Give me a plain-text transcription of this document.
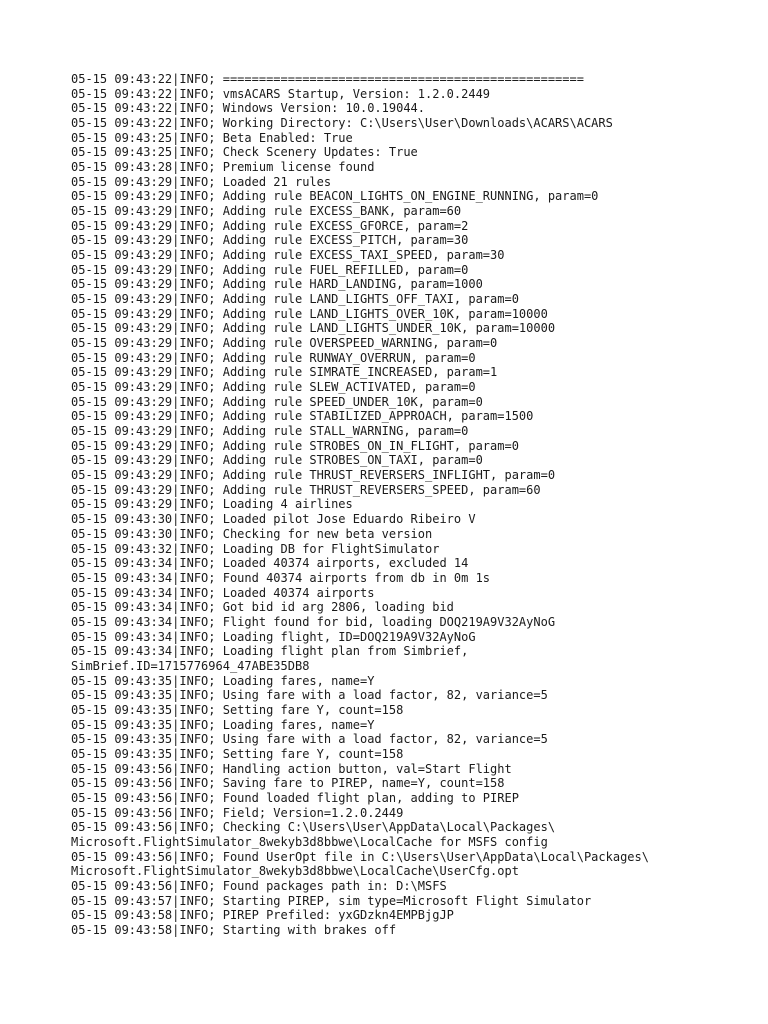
05-15 09:43:22|INFO; ==================================================
05-15 09:43:22|INFO; vmsACARS Startup, Version: 1.2.0.2449
05-15 09:43:22|INFO; Windows Version: 10.0.19044.
05-15 09:43:22|INFO; Working Directory: C:\Users\User\Downloads\ACARS\ACARS
05-15 09:43:25|INFO; Beta Enabled: True
05-15 09:43:25|INFO; Check Scenery Updates: True
05-15 09:43:28|INFO; Premium license found
05-15 09:43:29|INFO; Loaded 21 rules
05-15 09:43:29|INFO; Adding rule BEACON_LIGHTS_ON_ENGINE_RUNNING, param=0
05-15 09:43:29|INFO; Adding rule EXCESS_BANK, param=60
05-15 09:43:29|INFO; Adding rule EXCESS_GFORCE, param=2
05-15 09:43:29|INFO; Adding rule EXCESS_PITCH, param=30
05-15 09:43:29|INFO; Adding rule EXCESS_TAXI_SPEED, param=30
05-15 09:43:29|INFO; Adding rule FUEL_REFILLED, param=0
05-15 09:43:29|INFO; Adding rule HARD_LANDING, param=1000
05-15 09:43:29|INFO; Adding rule LAND_LIGHTS_OFF_TAXI, param=0
05-15 09:43:29|INFO; Adding rule LAND_LIGHTS_OVER_10K, param=10000
05-15 09:43:29|INFO; Adding rule LAND_LIGHTS_UNDER_10K, param=10000
05-15 09:43:29|INFO; Adding rule OVERSPEED_WARNING, param=0
05-15 09:43:29|INFO; Adding rule RUNWAY_OVERRUN, param=0
05-15 09:43:29|INFO; Adding rule SIMRATE_INCREASED, param=1
05-15 09:43:29|INFO; Adding rule SLEW_ACTIVATED, param=0
05-15 09:43:29|INFO; Adding rule SPEED_UNDER_10K, param=0
05-15 09:43:29|INFO; Adding rule STABILIZED_APPROACH, param=1500
05-15 09:43:29|INFO; Adding rule STALL_WARNING, param=0
05-15 09:43:29|INFO; Adding rule STROBES_ON_IN_FLIGHT, param=0
05-15 09:43:29|INFO; Adding rule STROBES_ON_TAXI, param=0
05-15 09:43:29|INFO; Adding rule THRUST_REVERSERS_INFLIGHT, param=0
05-15 09:43:29|INFO; Adding rule THRUST_REVERSERS_SPEED, param=60
05-15 09:43:29|INFO; Loading 4 airlines
05-15 09:43:30|INFO; Loaded pilot Jose Eduardo Ribeiro V
05-15 09:43:30|INFO; Checking for new beta version
05-15 09:43:32|INFO; Loading DB for FlightSimulator
05-15 09:43:34|INFO; Loaded 40374 airports, excluded 14
05-15 09:43:34|INFO; Found 40374 airports from db in 0m 1s
05-15 09:43:34|INFO; Loaded 40374 airports
05-15 09:43:34|INFO; Got bid id arg 2806, loading bid
05-15 09:43:34|INFO; Flight found for bid, loading DOQ219A9V32AyNoG
05-15 09:43:34|INFO; Loading flight, ID=DOQ219A9V32AyNoG
05-15 09:43:34|INFO; Loading flight plan from Simbrief,
SimBrief.ID=1715776964_47ABE35DB8
05-15 09:43:35|INFO; Loading fares, name=Y
05-15 09:43:35|INFO; Using fare with a load factor, 82, variance=5
05-15 09:43:35|INFO; Setting fare Y, count=158
05-15 09:43:35|INFO; Loading fares, name=Y
05-15 09:43:35|INFO; Using fare with a load factor, 82, variance=5
05-15 09:43:35|INFO; Setting fare Y, count=158
05-15 09:43:56|INFO; Handling action button, val=Start Flight
05-15 09:43:56|INFO; Saving fare to PIREP, name=Y, count=158
05-15 09:43:56|INFO; Found loaded flight plan, adding to PIREP
05-15 09:43:56|INFO; Field; Version=1.2.0.2449
05-15 09:43:56|INFO; Checking C:\Users\User\AppData\Local\Packages\
Microsoft.FlightSimulator_8wekyb3d8bbwe\LocalCache for MSFS config
05-15 09:43:56|INFO; Found UserOpt file in C:\Users\User\AppData\Local\Packages\
Microsoft.FlightSimulator_8wekyb3d8bbwe\LocalCache\UserCfg.opt
05-15 09:43:56|INFO; Found packages path in: D:\MSFS
05-15 09:43:57|INFO; Starting PIREP, sim type=Microsoft Flight Simulator
05-15 09:43:58|INFO; PIREP Prefiled: yxGDzkn4EMPBjgJP
05-15 09:43:58|INFO; Starting with brakes off
